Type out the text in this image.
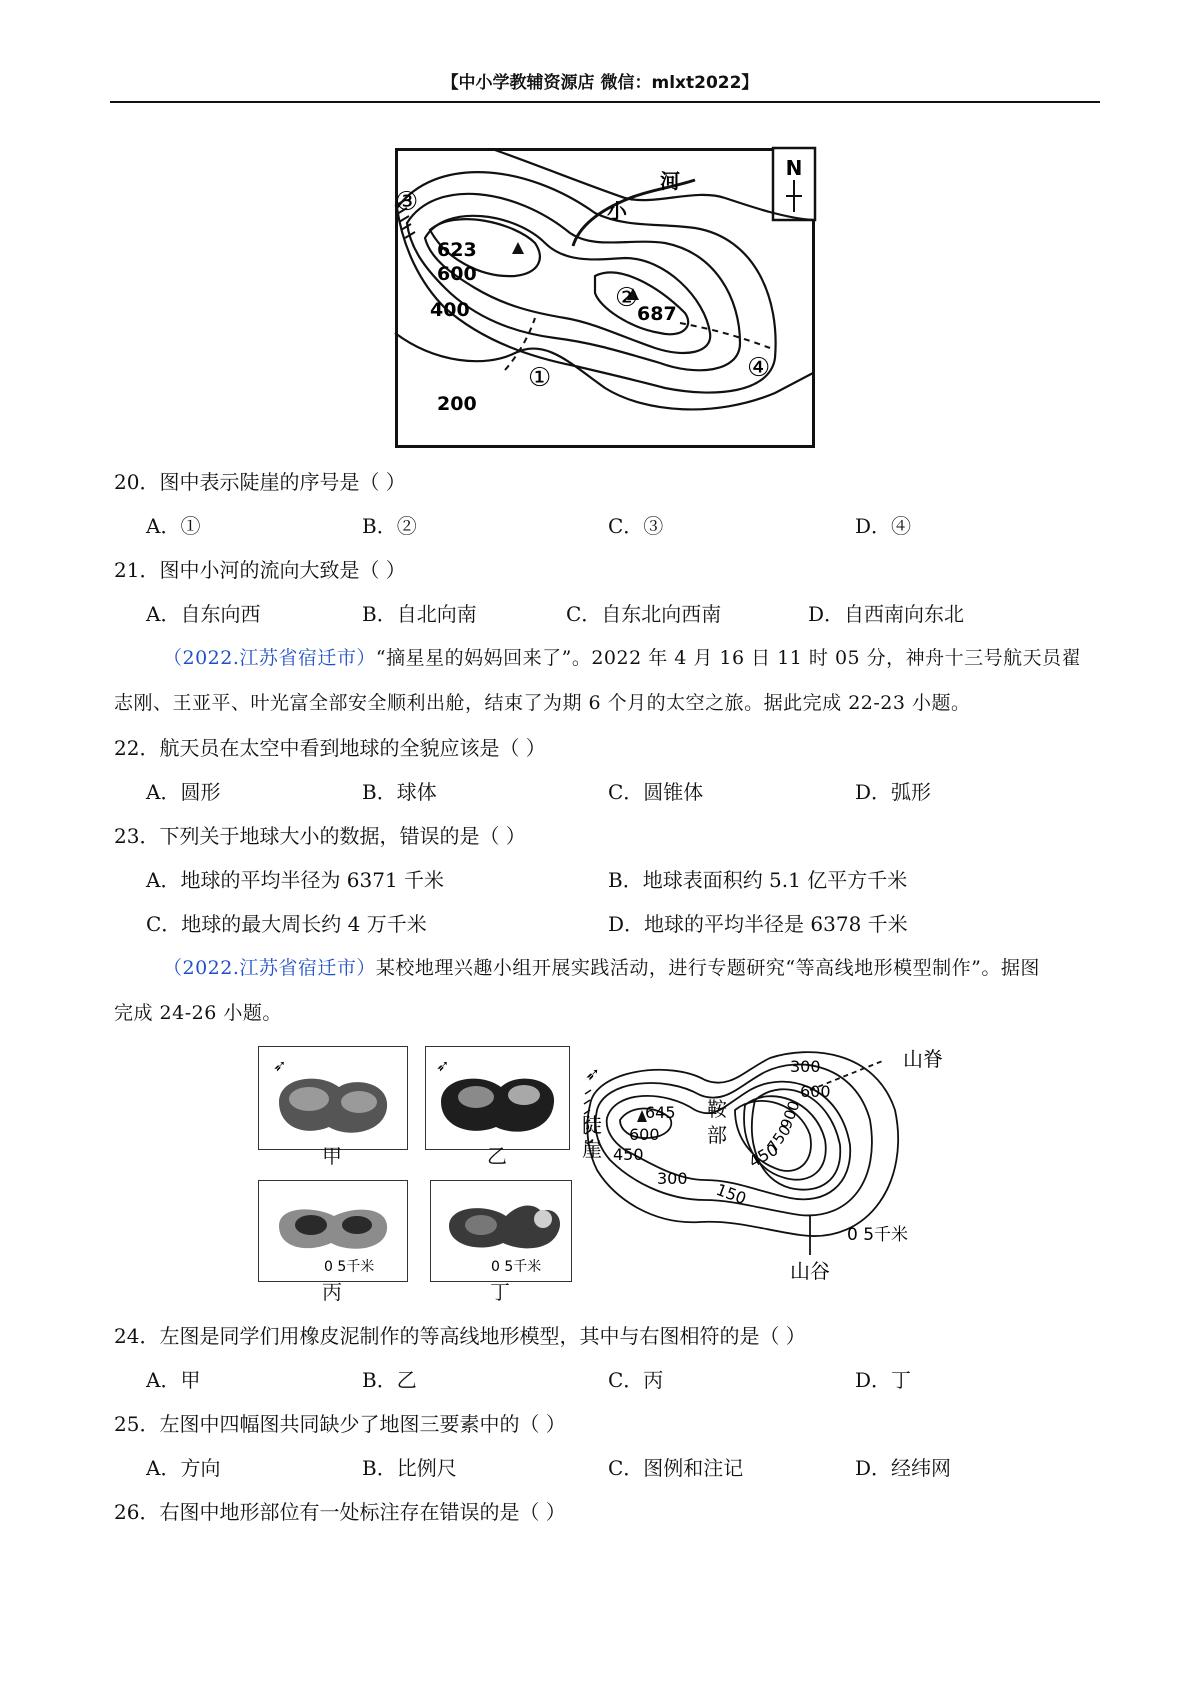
【中小学教辅资源店 微信：mlxt2022】
N
小
河
623
600
687
400
200
①
②
③
④
20．图中表示陡崖的序号是（ ）
A．①	B．②	C．③	D．④
21．图中小河的流向大致是（ ）
A．自东向西	B．自北向南	C．自东北向西南	D．自西南向东北
（2022.江苏省宿迁市）“摘星星的妈妈回来了”。2022 年 4 月 16 日 11 时 05 分，神舟十三号航天员翟
志刚、王亚平、叶光富全部安全顺利出舱，结束了为期 6 个月的太空之旅。据此完成 22-23 小题。
22．航天员在太空中看到地球的全貌应该是（ ）
A．圆形	B．球体	C．圆锥体	D．弧形
23．下列关于地球大小的数据，错误的是（ ）
A．地球的平均半径为 6371 千米	B．地球表面积约 5.1 亿平方千米
C．地球的最大周长约 4 万千米	D．地球的平均半径是 6378 千米
（2022.江苏省宿迁市）某校地理兴趣小组开展实践活动，进行专题研究“等高线地形模型制作”。据图
完成 24-26 小题。
➶
甲
➶
乙
0 5千米
丙
0 5千米
丁
➶	300
600
645
600
450
300
150
450
750
900
山脊
陡
崖
鞍
部
山谷
0 5千米
24．左图是同学们用橡皮泥制作的等高线地形模型，其中与右图相符的是（ ）
A．甲	B．乙	C．丙	D．丁
25．左图中四幅图共同缺少了地图三要素中的（ ）
A．方向	B．比例尺	C．图例和注记	D．经纬网
26．右图中地形部位有一处标注存在错误的是（ ）
